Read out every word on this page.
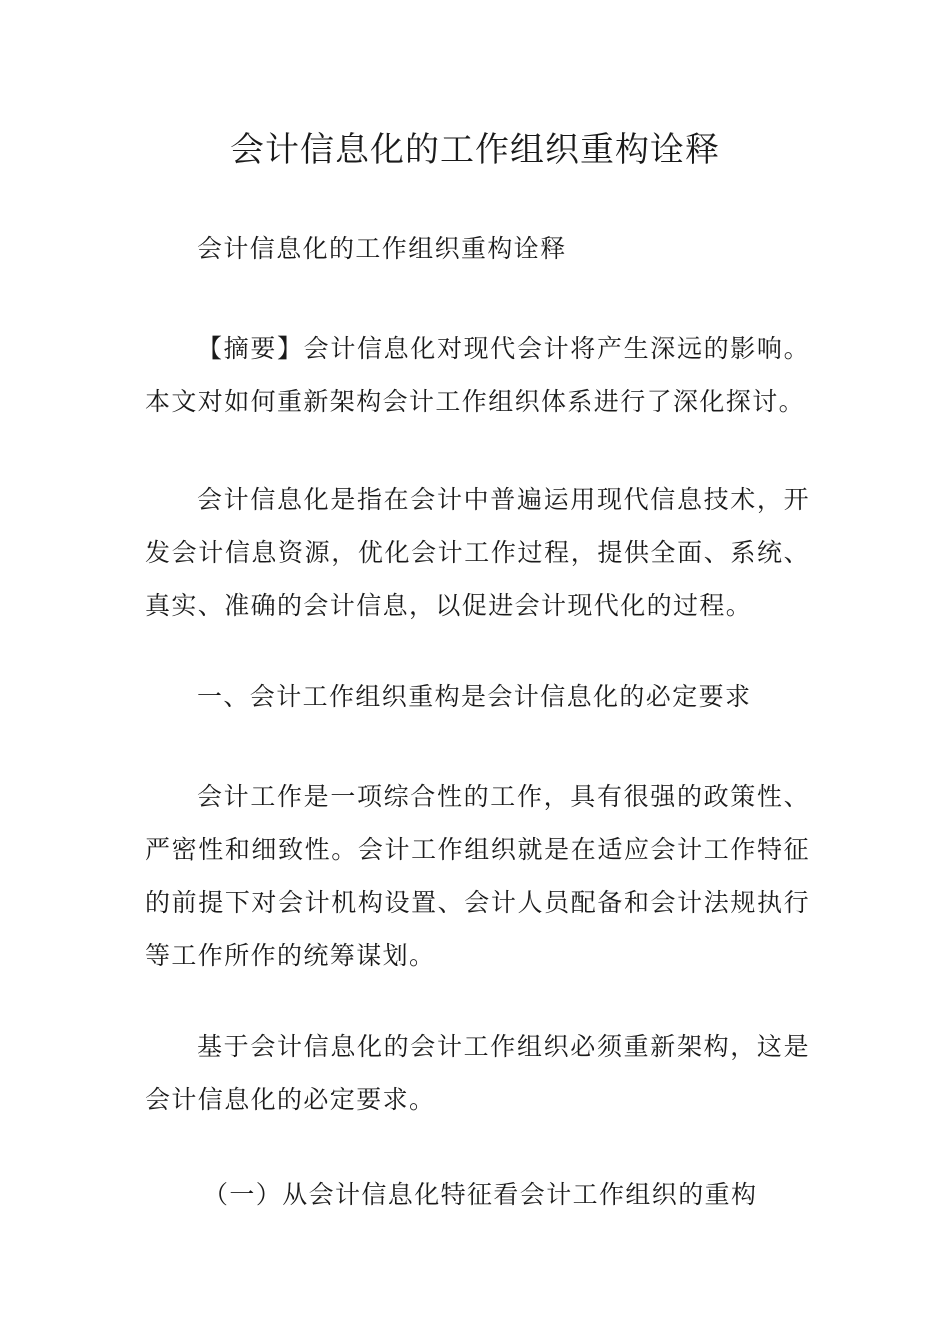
会计信息化的工作组织重构诠释

会计信息化的工作组织重构诠释

【摘要】会计信息化对现代会计将产生深远的影响。本文对如何重新架构会计工作组织体系进行了深化探讨。

会计信息化是指在会计中普遍运用现代信息技术，开发会计信息资源，优化会计工作过程，提供全面、系统、真实、准确的会计信息，以促进会计现代化的过程。

一、会计工作组织重构是会计信息化的必定要求

会计工作是一项综合性的工作，具有很强的政策性、严密性和细致性。会计工作组织就是在适应会计工作特征的前提下对会计机构设置、会计人员配备和会计法规执行等工作所作的统筹谋划。

基于会计信息化的会计工作组织必须重新架构，这是会计信息化的必定要求。

（一）从会计信息化特征看会计工作组织的重构
